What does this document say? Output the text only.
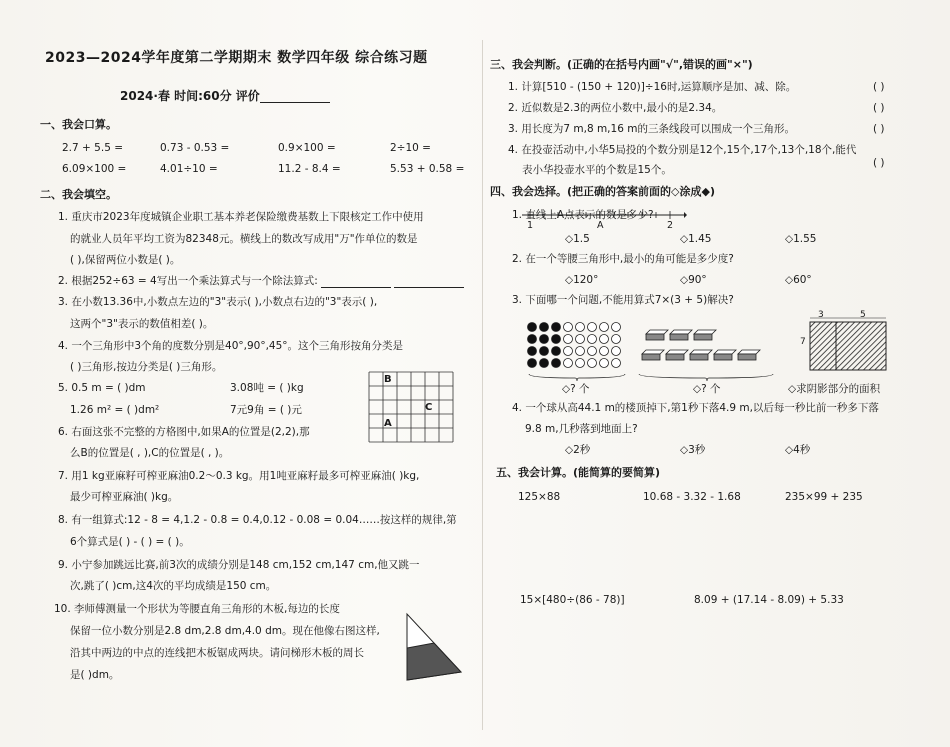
2023—2024学年度第二学期期末 数学四年级 综合练习题
2024·春 时间:60分 评价
一、我会口算。
2.7 + 5.5 =	0.73 - 0.53 =	0.9×100 =	2÷10 =
6.09×100 =	4.01÷10 =	11.2 - 8.4 =	5.53 + 0.58 =
二、我会填空。
1. 重庆市2023年度城镇企业职工基本养老保险缴费基数上下限核定工作中使用
的就业人员年平均工资为82348元。横线上的数改写成用"万"作单位的数是
( ),保留两位小数是( )。
2. 根据252÷63 = 4写出一个乘法算式与一个除法算式:
3. 在小数13.36中,小数点左边的"3"表示( ),小数点右边的"3"表示( ),
这两个"3"表示的数值相差( )。
4. 一个三角形中3个角的度数分别是40°,90°,45°。这个三角形按角分类是
( )三角形,按边分类是( )三角形。
5. 0.5 m = ( )dm	3.08吨 = ( )kg
1.26 m² = ( )dm²	7元9角 = ( )元
6. 右面这张不完整的方格图中,如果A的位置是(2,2),那
么B的位置是( , ),C的位置是( , )。
7. 用1 kg亚麻籽可榨亚麻油0.2～0.3 kg。用1吨亚麻籽最多可榨亚麻油( )kg,
最少可榨亚麻油( )kg。
8. 有一组算式:12 - 8 = 4,1.2 - 0.8 = 0.4,0.12 - 0.08 = 0.04……按这样的规律,第
6个算式是( ) - ( ) = ( )。
9. 小宁参加跳远比赛,前3次的成绩分别是148 cm,152 cm,147 cm,他又跳一
次,跳了( )cm,这4次的平均成绩是150 cm。
10. 李师傅测量一个形状为等腰直角三角形的木板,每边的长度
保留一位小数分别是2.8 dm,2.8 dm,4.0 dm。现在他像右图这样,
沿其中两边的中点的连线把木板锯成两块。请问梯形木板的周长
是( )dm。
B
C
A
三、我会判断。(正确的在括号内画"√",错误的画"×")
1. 计算[510 - (150 + 120)]÷16时,运算顺序是加、减、除。
2. 近似数是2.3的两位小数中,最小的是2.34。
3. 用长度为7 m,8 m,16 m的三条线段可以围成一个三角形。
4. 在投壶活动中,小华5局投的个数分别是12个,15个,17个,13个,18个,能代
表小华投壶水平的个数是15个。
( )
( )
( )
( )
四、我会选择。(把正确的答案前面的◇涂成◆)
1. 直线上A点表示的数是多少?
1	A	2
◇1.5	◇1.45	◇1.55
2. 在一个等腰三角形中,最小的角可能是多少度?
◇120°	◇90°	◇60°
3. 下面哪一个问题,不能用算式7×(3 + 5)解决?
3	5
7
◇? 个	◇? 个	◇求阴影部分的面积
4. 一个球从高44.1 m的楼顶掉下,第1秒下落4.9 m,以后每一秒比前一秒多下落
9.8 m,几秒落到地面上?
◇2秒	◇3秒	◇4秒
五、我会计算。(能简算的要简算)
125×88	10.68 - 3.32 - 1.68	235×99 + 235
15×[480÷(86 - 78)]	8.09 + (17.14 - 8.09) + 5.33
